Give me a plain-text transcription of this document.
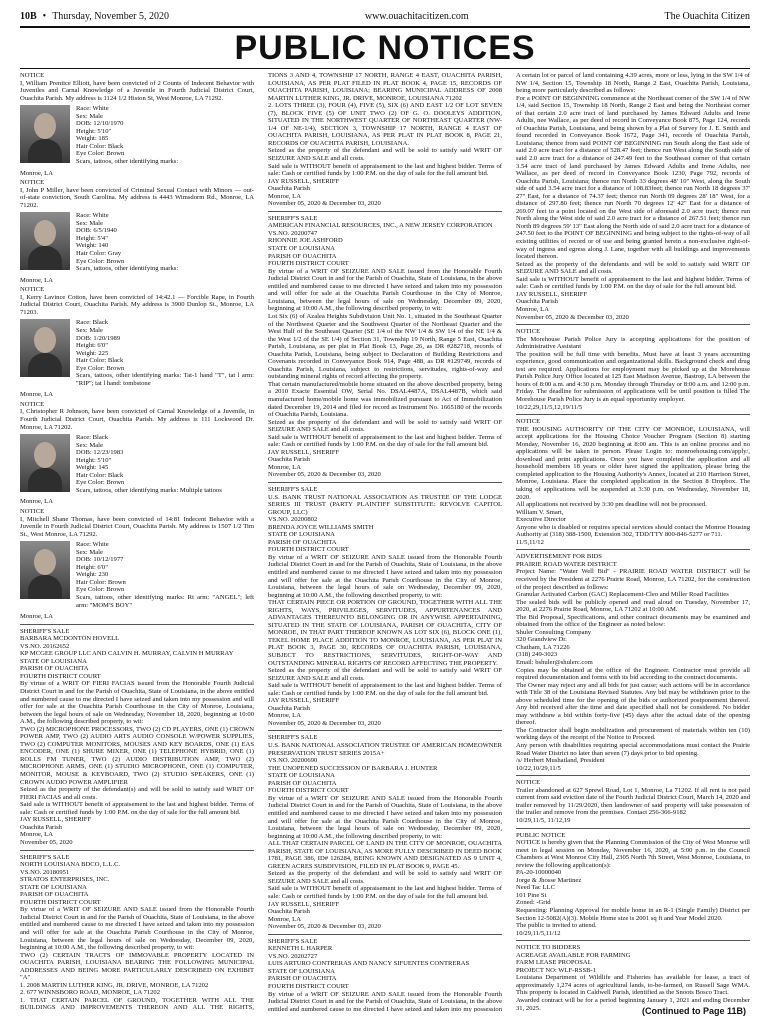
10B • Thursday, November 5, 2020	www.ouachitacitizen.com	The Ouachita Citizen
PUBLIC NOTICES

NOTICE
I, William Prentice Elliott, have been convicted of 2 Counts of Indecent Behavior with Juveniles and Carnal Knowledge of a Juvenile in Fourth Judicial District Court, Ouachita Parish. My address is 1124 1/2 Histon St, West Monroe, LA 71292.

Race: White
Sex: Male
DOB: 12/10/1970
Height: 5'10"
Weight: 185
Hair Color: Black
Eye Color: Brown
Scars, tattoos, other identifying marks:

Monroe, LA

NOTICE
I, John P Miller, have been convicted of Criminal Sexual Contact with Minors — out-of-state conviction, South Carolina. My address is 4443 Wimsdorm Rd., Monroe, LA 71202.

Race: White
Sex: Male
DOB: 6/5/1940
Height: 5'4"
Weight: 140
Hair Color: Gray
Eye Color: Brown
Scars, tattoos, other identifying marks:

Monroe, LA

NOTICE
I, Kerry Lavince Cotton, have been convicted of 14:42.1 — Forcible Rape, in Fourth Judicial District Court, Ouachita Parish. My address is 3900 Dunlop St., Monroe, LA 71203.

Race: Black
Sex: Male
DOB: 1/20/1989
Height: 6'0"
Weight: 225
Hair Color: Black
Eye Color: Brown
Scars, tattoos, other identifying marks: Tat-1 hand "T", tat l arm: "RIP"; tat l hand: tombstone

Monroe, LA

NOTICE
I, Christopher R Johnson, have been convicted of Carnal Knowledge of a Juvenile, in Fourth Judicial District Court, Ouachita Parish. My address is 111 Lockwood Dr. Monroe, LA 71202.

Race: Black
Sex: Male
DOB: 12/23/1983
Height: 5'10"
Weight: 145
Hair Color: Black
Eye Color: Brown
Scars, tattoos, other identifying marks: Multiple tattoos

Monroe, LA

NOTICE
I, Mitchell Shane Thomas, have been convicted of 14:81 Indecent Behavior with a Juvenile in Fourth Judicial District Court, Ouachita Parish. My address is 1507 1/2 Tim St., West Monroe, LA 71292.

Race: White
Sex: Male
DOB: 10/12/1977
Height: 6'0"
Weight: 230
Hair Color: Brown
Eye Color: Brown
Scars, tattoos, other identifying marks: Rt arm: "ANGEL"; left arm: "MOM'S BOY"

Monroe, LA

SHERIFF'S SALE
BARBARA MCDONTON HOVELL
VS.NO. 20162652
KP MCGEE GROUP LLC AND CALVIN H. MURRAY, CALVIN H MURRAY
STATE OF LOUISIANA
PARISH OF OUACHITA
FOURTH DISTRICT COURT
By virtue of a WRIT OF FIERI FACIAS issued from the Honorable Fourth Judicial District Court in and for the Parish of Ouachita, State of Louisiana, in the above entitled and numbered cause to me directed I have seized and taken into my possession and will offer for sale at the Ouachita Parish Courthouse in the City of Monroe, Louisiana, between the legal hours of sale on Wednesday, November 18, 2020, beginning at 10:00 A.M., the following described property, to wit:
TWO (2) MICROPHONE PROCESSORS, TWO (2) CD PLAYERS, ONE (1) CROWN POWER AMP, TWO (2) AUDIO ARTS AUDIO CONSOLE W/POWER SUPPLIES, TWO (2) COMPUTER MONITORS, MOUSES AND KEY BOARDS, ONE (1) EAS ENCODER, ONE (1) SHURE MIXER, ONE (1) TELEPHONE HYBRID, ONE (1) ROLLS FM TUNER, TWO (2) AUDIO DISTRIBUTION AMP, TWO (2) MICROPHONE ARMS, ONE (1) STUDIO MICROPHONE, ONE (1) COMPUTER, MONITOR, MOUSE & KEYBOARD, TWO (2) STUDIO SPEAKERS, ONE (1) CROWN AUDIO POWER AMPLIFIER
Seized as the property of the defendant(s) and will be sold to satisfy said WRIT OF FIERI FACIAS and all costs.
Said sale is WITHOUT benefit of appraisement to the last and highest bidder. Terms of sale: Cash or certified funds by 1:00 P.M. on the day of sale for the full amount bid.
JAY RUSSELL, SHERIFF
Ouachita Parish
Monroe, LA
November 05, 2020

SHERIFF'S SALE
NORTH LOUISIANA BDCO, L.L.C.
VS.NO. 20180951
STRATOS ENTERPRISES, INC.
STATE OF LOUISIANA
PARISH OF OUACHITA
FOURTH DISTRICT COURT
By virtue of a WRIT OF SEIZURE AND SALE issued from the Honorable Fourth Judicial District Court in and for the Parish of Ouachita, State of Louisiana, in the above entitled and numbered cause to me directed I have seized and taken into my possession and will offer for sale at the Ouachita Parish Courthouse in the City of Monroe, Louisiana, between the legal hours of sale on Wednesday, December 09, 2020, beginning at 10:00 A.M., the following described property, to wit:
TWO (2) CERTAIN TRACTS OF IMMOVABLE PROPERTY LOCATED IN OUACHITA PARISH, LOUISIANA BEARING THE FOLLOWING MUNICIPAL ADDRESSES AND BEING MORE PARTICULARLY DESCRIBED ON EXHIBIT "A"
1. 2008 MARTIN LUTHER KING, JR. DRIVE, MONROE, LA 71202
2. 677 WINNSBORO ROAD, MONROE, LA 71202
1. THAT CERTAIN PARCEL OF GROUND, TOGETHER WITH ALL THE BUILDINGS AND IMPROVEMENTS THEREON AND ALL THE RIGHTS,

TIONS 3 AND 4, TOWNSHIP 17 NORTH, RANGE 4 EAST, OUACHITA PARISH, LOUISIANA, AS PER PLAT FILED IN PLAT BOOK 4, PAGE 15, RECORDS OF OUACHITA PARISH, LOUISIANA; BEARING MUNICIPAL ADDRESS OF 2008 MARTIN LUTHER KING, JR. DRIVE, MONROE, LOUISIANA 71202
2. LOTS THREE (3), FOUR (4), FIVE (5), SIX (6) AND EAST 1/2 OF LOT SEVEN (7), BLOCK FIVE (5) OF UNIT TWO (2) OF G. O. DOOLEYS ADDITION, SITUATED IN THE NORTHWEST QUARTER OF NORTHEAST QUARTER (NW-1/4 OF NE-1/4), SECTION 3, TOWNSHIP 17 NORTH, RANGE 4 EAST OF OUACHITA PARISH, LOUISIANA, AS PER PLAT IN PLAT BOOK 8, PAGE 21, RECORDS OF OUACHITA PARISH, LOUISIANA.
Seized as the property of the defendant and will be sold to satisfy said WRIT OF SEIZURE AND SALE and all costs.
Said sale is WITHOUT benefit of appraisement to the last and highest bidder. Terms of sale: Cash or certified funds by 1:00 P.M. on the day of sale for the full amount bid.
JAY RUSSELL, SHERIFF
Ouachita Parish
Monroe, LA
November 05, 2020 & December 03, 2020

SHERIFF'S SALE
AMERICAN FINANCIAL RESOURCES, INC., A NEW JERSEY CORPORATION
VS.NO. 20200747
RHONNIE JOE ASHFORD
STATE OF LOUISIANA
PARISH OF OUACHITA
FOURTH DISTRICT COURT
By virtue of a WRIT OF SEIZURE AND SALE issued from the Honorable Fourth Judicial District Court in and for the Parish of Ouachita, State of Louisiana, in the above entitled and numbered cause to me directed I have seized and taken into my possession and will offer for sale at the Ouachita Parish Courthouse in the City of Monroe, Louisiana, between the legal hours of sale on Wednesday, December 09, 2020, beginning at 10:00 A.M., the following described property, to wit:
Lot Six (6) of Azalea Heights Subdivision Unit No. 1, situated in the Southeast Quarter of the Northwest Quarter and the Southwest Quarter of the Northeast Quarter and the West Half of the Southeast Quarter (SE 1/4 of the NW 1/4 & SW 1/4 of the NE 1/4 & the West 1/2 of the SE 1/4) of Section 31, Township 19 North, Range 5 East, Ouachita Parish, Louisiana, as per plat in Plat Book 13, Page 26, as DR #282718, records of Ouachita Parish, Louisiana, being subject to Declaration of Building Restrictions and Covenants recorded in Conveyance Book 914, Page 488, as DR #129749, records of Ouachita Parish, Louisiana, subject to restrictions, servitudes, rights-of-way and outstanding mineral rights of record affecting the property.
That certain manufactured/mobile home situated on the above described property, being a 2010 Exacte Essential OW, Serial No. DSAL4487A, DSAL4487B, which said manufactured home/mobile home was immobilized pursuant to Act of Immobilization dated December 19, 2014 and filed for record as Instrument No. 1665180 of the records of Ouachita Parish, Louisiana.
Seized as the property of the defendant and will be sold to satisfy said WRIT OF SEIZURE AND SALE and all costs.
Said sale is WITHOUT benefit of appraisement to the last and highest bidder. Terms of sale: Cash or certified funds by 1:00 P.M. on the day of sale for the full amount bid.
JAY RUSSELL, SHERIFF
Ouachita Parish
Monroe, LA
November 05, 2020 & December 03, 2020

SHERIFF'S SALE
U.S. BANK TRUST NATIONAL ASSOCIATION AS TRUSTEE OF THE LODGE SERIES III TRUST (PARTY PLAINTIFF SUBSTITUTE: REVOLVE CAPITOL GROUP, LLC)
VS.NO. 20200802
BRENDA JOYCE WILLIAMS SMITH
STATE OF LOUISIANA
PARISH OF OUACHITA
FOURTH DISTRICT COURT
By virtue of a WRIT OF SEIZURE AND SALE issued from the Honorable Fourth Judicial District Court in and for the Parish of Ouachita, State of Louisiana, in the above entitled and numbered cause to me directed I have seized and taken into my possession and will offer for sale at the Ouachita Parish Courthouse in the City of Monroe, Louisiana, between the legal hours of sale on Wednesday, December 09, 2020, beginning at 10:00 A.M., the following described property, to wit:
THAT CERTAIN PIECE OR PORTION OF GROUND, TOGETHER WITH ALL THE RIGHTS, WAYS, PRIVILEGES, SERVITUDES, APPURTENANCES AND ADVANTAGES THEREUNTO BELONGING OR IN ANYWISE APPERTAINING, SITUATED IN THE STATE OF LOUISIANA, PARISH OF OUACHITA, CITY OF MONROE, IN THAT PART THEREOF KNOWN AS LOT SIX (6), BLOCK ONE (1), TEKEL HOME PLACE ADDITION TO MONROE, LOUISIANA, AS PER PLAT IN PLAT BOOK 3, PAGE 30, RECORDS OF OUACHITA PARISH, LOUISIANA, SUBJECT TO RESTRICTIONS, SERVITUDES, RIGHT-OF-WAY AND OUTSTANDING MINERAL RIGHTS OF RECORD AFFECTING THE PROPERTY.
Seized as the property of the defendant and will be sold to satisfy said WRIT OF SEIZURE AND SALE and all costs.
Said sale is WITHOUT benefit of appraisement to the last and highest bidder. Terms of sale: Cash or certified funds by 1:00 P.M. on the day of sale for the full amount bid.
JAY RUSSELL, SHERIFF
Ouachita Parish
Monroe, LA
November 05, 2020 & December 03, 2020

SHERIFF'S SALE
U.S. BANK NATIONAL ASSOCIATION TRUSTEE OF AMERICAN HOMEOWNER PRESERVATION TRUST SERIES 2015A+
VS.NO. 20200690
THE UNOPENED SUCCESSION OF BARBARA J. HUNTER
STATE OF LOUISIANA
PARISH OF OUACHITA
FOURTH DISTRICT COURT
By virtue of a WRIT OF SEIZURE AND SALE issued from the Honorable Fourth Judicial District Court in and for the Parish of Ouachita, State of Louisiana, in the above entitled and numbered cause to me directed I have seized and taken into my possession and will offer for sale at the Ouachita Parish Courthouse in the City of Monroe, Louisiana, between the legal hours of sale on Wednesday, December 09, 2020, beginning at 10:00 A.M., the following described property, to wit:
ALL THAT CERTAIN PARCEL OF LAND IN THE CITY OF MONROE, OUACHITA PARISH, STATE OF LOUISIANA, AS MORE FULLY DESCRIBED IN DEED BOOK 1781, PAGE 386, ID# 126284, BEING KNOWN AND DESIGNATED AS 9 UNIT 4, GREEN ACRES SUBDIVISION, FILED IN PLAT BOOK 9, PAGE 45.
Seized as the property of the defendant and will be sold to satisfy said WRIT OF SEIZURE AND SALE and all costs.
Said sale is WITHOUT benefit of appraisement to the last and highest bidder. Terms of sale: Cash or certified funds by 1:00 P.M. on the day of sale for the full amount bid.
JAY RUSSELL, SHERIFF
Ouachita Parish
Monroe, LA
November 05, 2020 & December 03, 2020

SHERIFF'S SALE
KENNETH L HARPER
VS.NO. 20202727
LUIS ARTURO CONTRERAS AND NANCY SIFUENTES CONTRERAS
STATE OF LOUISIANA
PARISH OF OUACHITA
FOURTH DISTRICT COURT
By virtue of a WRIT OF SEIZURE AND SALE issued from the Honorable Fourth Judicial District Court in and for the Parish of Ouachita, State of Louisiana, in the above entitled and numbered cause to me directed I have seized and taken into my possession

A certain lot or parcel of land containing 4.39 acres, more or less, lying in the SW 1/4 of NW 1/4, Section 15, Township 18 North, Range 2 East, Ouachita Parish, Louisiana, being more particularly described as follows:
For a POINT OF BEGINNING commence at the Northeast corner of the SW 1/4 of NW 1/4, said Section 15, Township 18 North, Range 2 East and being the Northeast corner of that certain 2.0 acre tract of land purchased by James Edward Adults and Irene Adults, nee Wallace, as per deed of record in Conveyance Book 875, Page 124, records of Ouachita Parish, Louisiana, and being shown by a Plat of Survey for J. E. Smith and found recorded in Conveyance Book 1672, Page 341, records of Ouachita Parish, Louisiana; thence from said POINT OF BEGINNING run South along the East side of said 2.0 acre tract for a distance of 528.47 feet; thence run West along the South side of said 2.0 acre tract for a distance of 247.49 feet to the Southeast corner of that certain 3.54 acre tract of land purchased by James Edward Adults and Irene Adults, nee Wallace, as per deed of record in Conveyance Book 1230, Page 792, records of Ouachita Parish, Louisiana; thence run North 33 degrees 48' 10" West, along the South side of said 3.54 acre tract for a distance of 108.83feet; thence run North 18 degrees 37' 27" East, for a distance of 74.37 feet; thence run North 09 degrees 28' 18" West, for a distance of 297.80 feet; thence run North 70 degrees 12' 42" East for a distance of 269.07 feet to a point located on the West side of aforesaid 2.0 acre tract; thence run North along the West side of said 2.0 acre tract for a distance of 267.51 feet; thence run North 89 degrees 59' 13" East along the North side of said 2.0 acre tract for a distance of 247.50 feet to the POINT OF BEGINNING and being subject to the rights-of-way of all existing utilities of record or of use and being granted herein a non-exclusive right-of-way of ingress and egress along J. Lane, together with all buildings and improvements located thereon.
Seized as the property of the defendants and will be sold to satisfy said WRIT OF SEIZURE AND SALE and all costs.
Said sale is WITHOUT benefit of appraisement to the last and highest bidder. Terms of sale: Cash or certified funds by 1:00 P.M. on the day of sale for the full amount bid.
JAY RUSSELL, SHERIFF
Ouachita Parish
Monroe, LA
November 05, 2020 & December 03, 2020

NOTICE
The Morehouse Parish Police Jury is accepting applications for the position of Administrative Assistant
The position will be full time with benefits. Must have at least 3 years accounting experience, good communication and organizational skills. Background check and drug test are required. Applications for employment may be picked up at the Morehouse Parish Police Jury Office located at 125 East Madison Avenue, Bastrop, LA between the hours of 8:00 a.m. and 4:30 p.m. Monday through Thursday or 8:00 a.m. and 12:00 p.m. Friday. The deadline for submission of applications will be until position is filled The Morehouse Parish Police Jury is an equal opportunity employer.
10/22,29,11/5,12,19/11/5

NOTICE
THE HOUSING AUTHORITY OF THE CITY OF MONROE, LOUISIANA, will accept applications for the Housing Choice Voucher Program (Section 8) starting Monday, November 16, 2020 beginning at 8:00 am. This is an online process and no applications will be taken in person. Please Login to: monroehousing.com/apply/, download and print applications. Once you have completed the application and all household members 18 years or older have signed the application, please bring the completed application to the Housing Authority's Annex, located at 210 Harrison Street, Monroe, Louisiana. Place the completed application in the Section 8 Dropbox. The taking of applications will be suspended at 3:30 p.m. on Wednesday, November 18, 2020.
All applications not received by 3:30 pm deadline will not be processed.
William V. Smart,
Executive Director
Anyone who is disabled or requires special services should contact the Monroe Housing Authority at (318) 388-1500, Extension 302, TDD/TTY 800-846-5277 or 711.
11/5,11/12

ADVERTISEMENT FOR BIDS
PRAIRIE ROAD WATER DISTRICT
Project Name: "Water Well Bid" - PRAIRIE ROAD WATER DISTRICT will be received by the President at 2276 Prairie Road, Monroe, LA 71202, for the construction of the project described as follows:
Granular Activated Carbon (GAC) Replacement-Cleo and Miller Road Facilities
The sealed bids will be publicly opened and read aloud on Tuesday, November 17, 2020, at 2276 Prairie Road, Monroe, LA 71202 at 10:00 AM.
The Bid Proposal, Specifications, and other contract documents may be examined and obtained from the office of the Engineer as noted below:
Shuler Consulting Company
320 Grandview Dr.
Chatham, LA 71226
(318) 249-3023
Email: bshuler@shulerc.com
Copies may be obtained at the office of the Engineer. Contractor must provide all required documentation and forms with its bid according to the contract documents.
The Owner may reject any and all bids for just cause; such actions will be in accordance with Title 38 of the Louisiana Revised Statutes. Any bid may be withdrawn prior to the above scheduled time for the opening of the bids or authorized postponement thereof. Any bid received after the time and date specified shall not be considered. No bidder may withdraw a bid within forty-five (45) days after the actual date of the opening thereof.
The Contractor shall begin mobilization and procurement of materials within ten (10) working days of the receipt of the Notice to Proceed.
Any person with disabilities requiring special accommodations must contact the Prairie Road Water District no later than seven (7) days prior to bid opening.
/s/ Herbert Mushatland, President
10/22,10/29,11/5

NOTICE
Trailer abandoned at 627 Sprewl Road, Lot 1, Monroe, La 71202. If all rent is not paid current from said eviction date of the Fourth Judicial District Court, March 14, 2020 and trailer removed by 11/29/2020, then landowner of said property will take possession of the trailer and remove from the premises. Contact 256-366-9182
10/29,11/5, 11/12,19

PUBLIC NOTICE
NOTICE is hereby given that the Planning Commission of the City of West Monroe will meet in legal session on Monday, November 16, 2020, at 5:00 p.m. in the Council Chambers at West Monroe City Hall, 2305 North 7th Street, West Monroe, Louisiana, to review the following application(s):
PA-20-10000040
Jorge & Jhosse Martinez
Need Tac LLC
101 Pine St
Zoned: -Grid
Requesting: Planning Approval for mobile home in an R-1 (Single Family) District per Section 12-5082(A)(3). Mobile Home size is 2001 sq ft and Year Model 2020.
The public is invited to attend.
10/29,11/5,11/12

NOTICE TO BIDDERS
ACREAGE AVAILABLE FOR FARMING
FARM LEASE PROPOSAL
PROJECT NO: WLF-RSSB-1
Louisiana Department of Wildlife and Fisheries has available for lease, a tract of approximately 1,274 acres of agricultural lands, to-be-farmed, on Russell Sage WMA. This property is located in Caldwell Parish, identified as the Snoots Bosco Tract.
Awarded contract will be for a period beginning January 1, 2021 and ending December 31, 2025.	(Continued to Page 11B)
